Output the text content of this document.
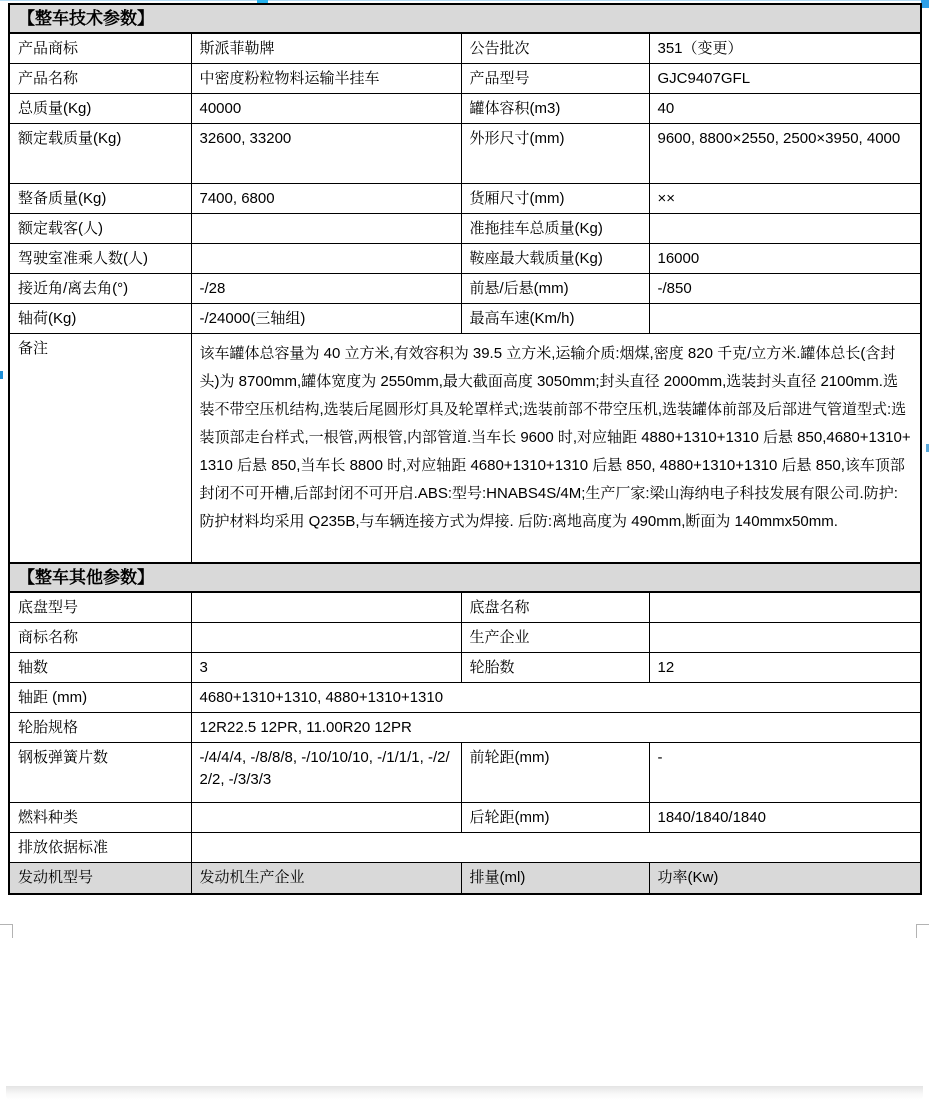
【整车技术参数】			
产品商标	斯派菲勒牌	公告批次	351（变更）
产品名称	中密度粉粒物料运输半挂车	产品型号	GJC9407GFL
总质量(Kg)	40000	罐体容积(m3)	40
额定载质量(Kg)	32600, 33200	外形尺寸(mm)	9600, 8800×2550, 2500×3950, 4000
整备质量(Kg)	7400, 6800	货厢尺寸(mm)	××
额定载客(人)		准拖挂车总质量(Kg)	
驾驶室准乘人数(人)		鞍座最大载质量(Kg)	16000
接近角/离去角(°)	-/28	前悬/后悬(mm)	-/850
轴荷(Kg)	-/24000(三轴组)	最高车速(Km/h)	
备注	该车罐体总容量为 40 立方米,有效容积为 39.5 立方米,运输介质:烟煤,密度 820 千克/立方米.罐体总长(含封头)为 8700mm,罐体宽度为 2550mm,最大截面高度 3050mm;封头直径 2000mm,选装封头直径 2100mm.选装不带空压机结构,选装后尾圆形灯具及轮罩样式;选装前部不带空压机,选装罐体前部及后部进气管道型式:选装顶部走台样式,一根管,两根管,内部管道.当车长 9600 时,对应轴距 4880+1310+1310 后悬 850,4680+1310+1310 后悬 850,当车长 8800 时,对应轴距 4680+1310+1310 后悬 850, 4880+1310+1310 后悬 850,该车顶部封闭不可开槽,后部封闭不可开启.ABS:型号:HNABS4S/4M;生产厂家:梁山海纳电子科技发展有限公司.防护:防护材料均采用 Q235B,与车辆连接方式为焊接. 后防:离地高度为 490mm,断面为 140mmx50mm.		
【整车其他参数】			
底盘型号		底盘名称	
商标名称		生产企业	
轴数	3	轮胎数	12
轴距 (mm)	4680+1310+1310, 4880+1310+1310		
轮胎规格	12R22.5 12PR, 11.00R20 12PR		
钢板弹簧片数	-/4/4/4, -/8/8/8, -/10/10/10, -/1/1/1, -/2/2/2, -/3/3/3	前轮距(mm)	-
燃料种类		后轮距(mm)	1840/1840/1840
排放依据标准			
发动机型号	发动机生产企业	排量(ml)	功率(Kw)
